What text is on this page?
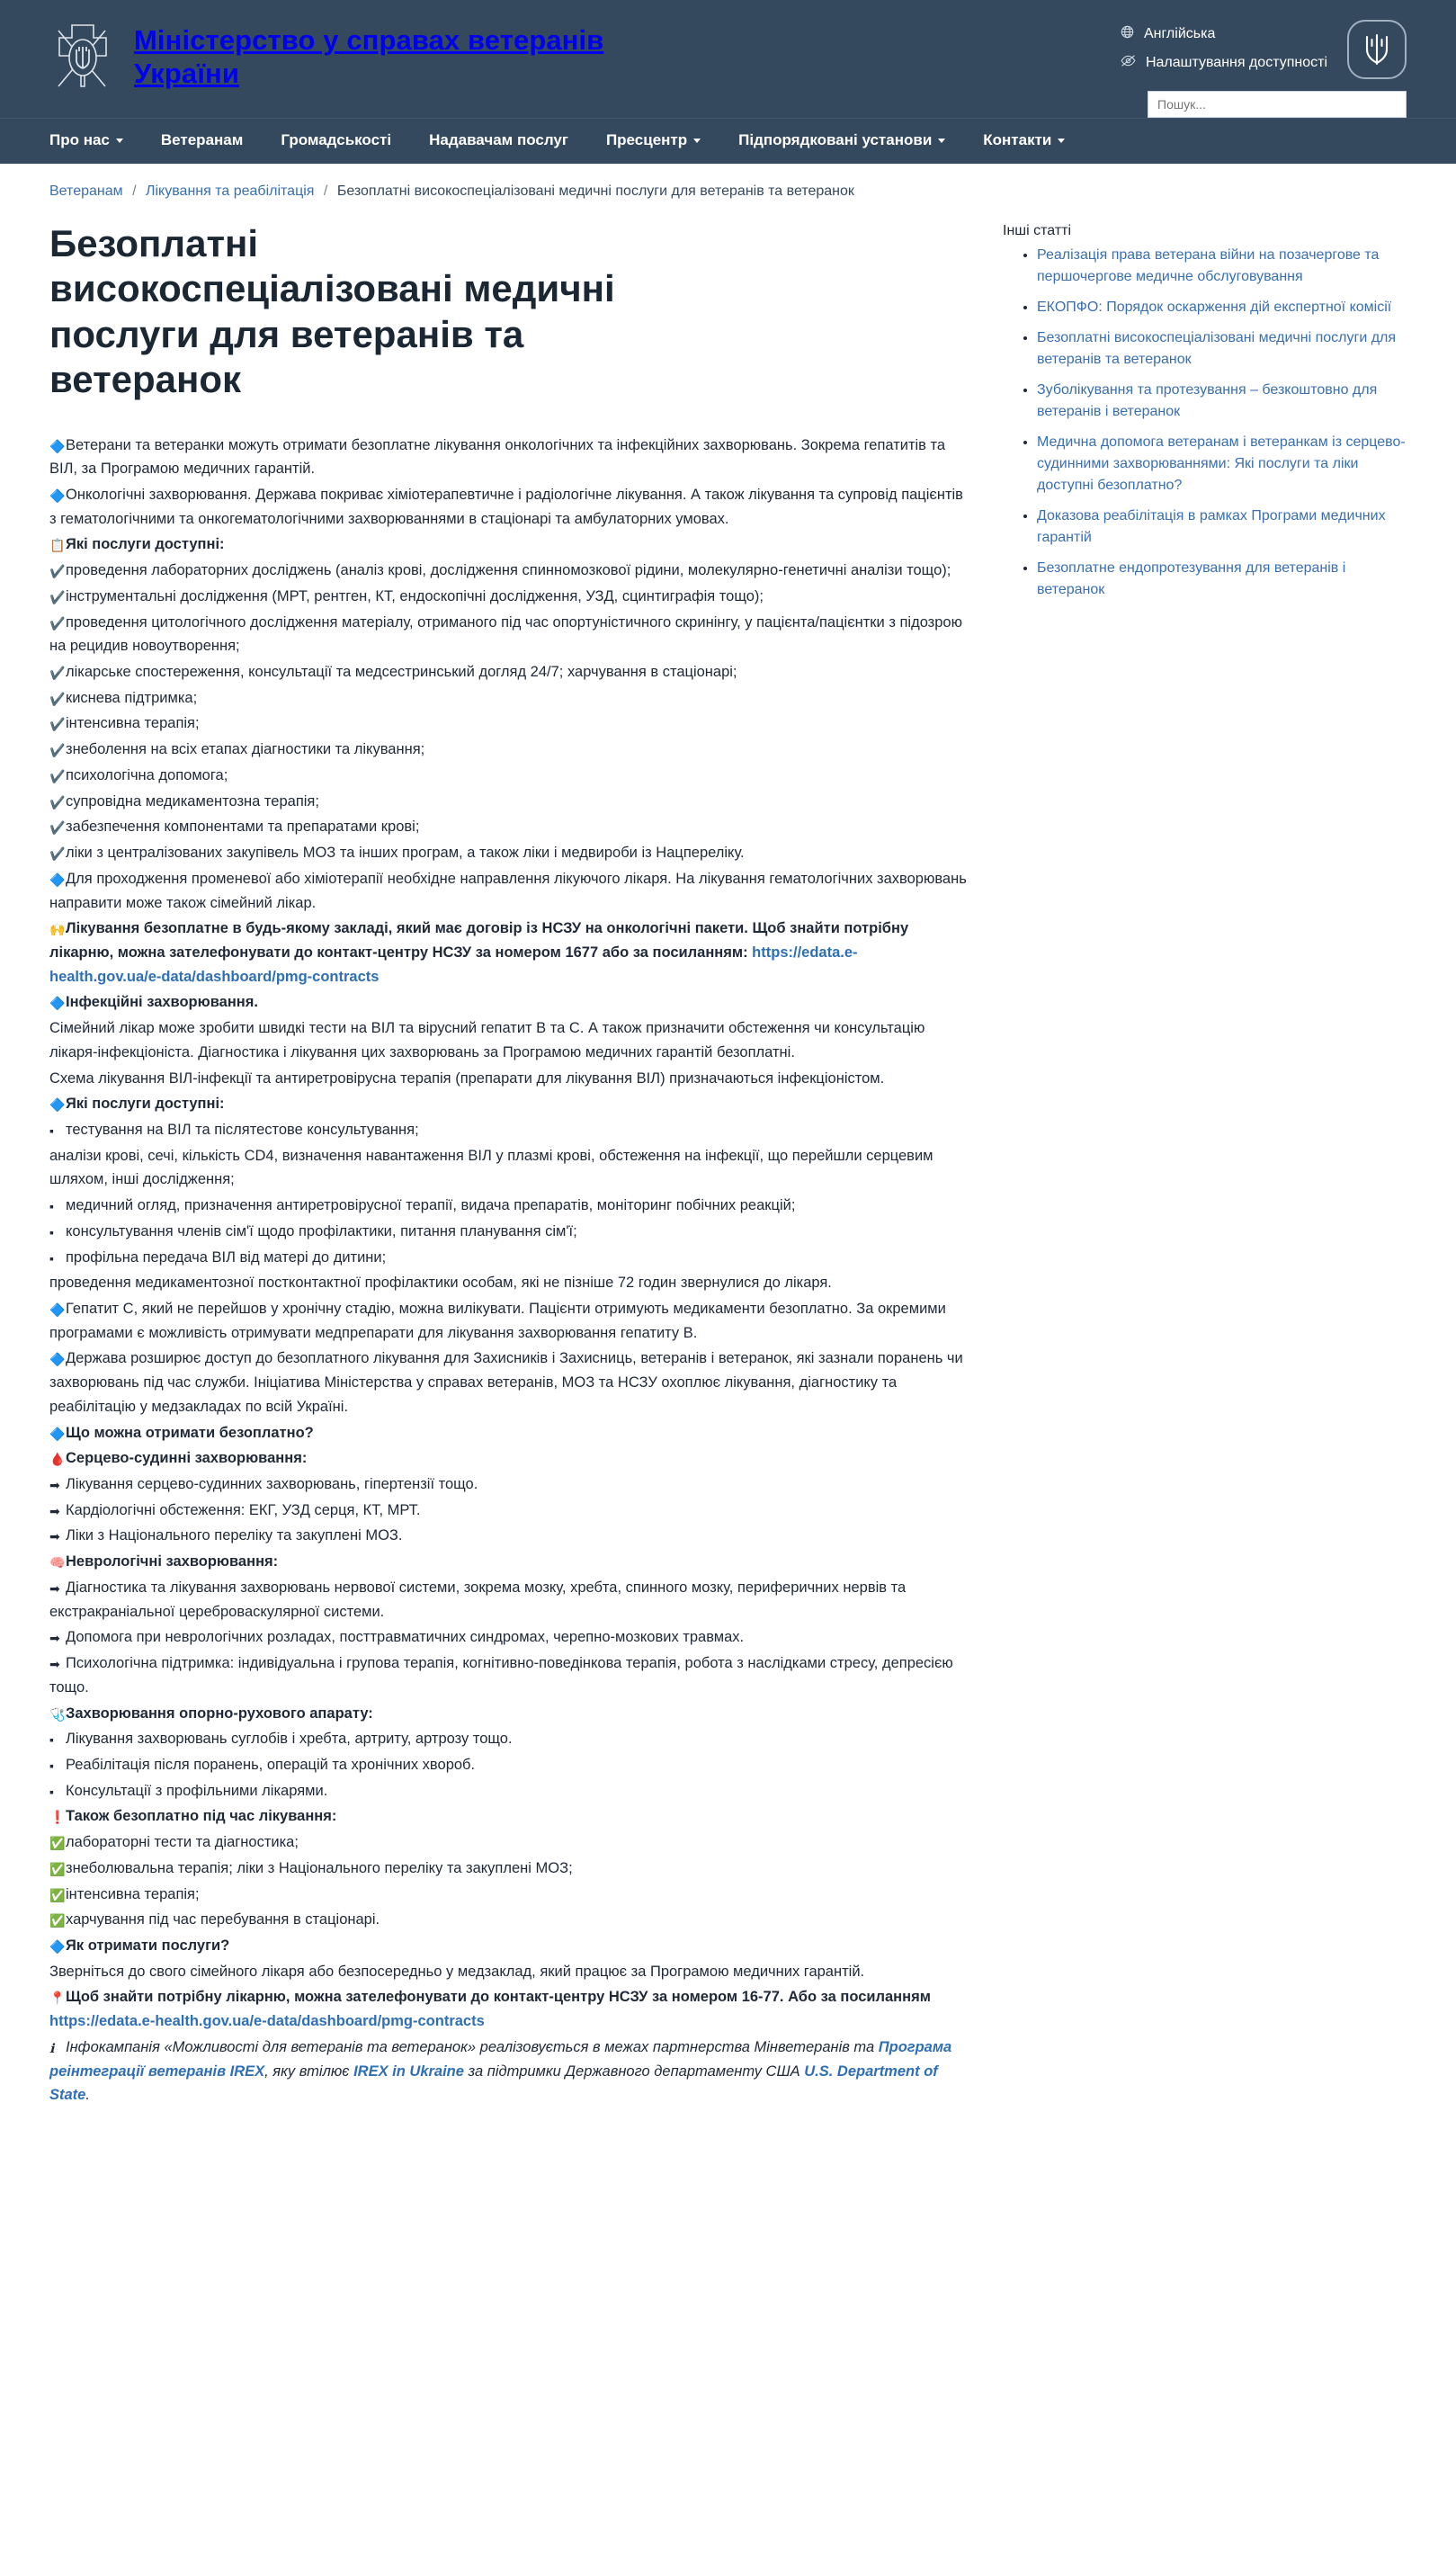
Міністерство у справах ветеранів України
Англійська
Налаштування доступності
Пошук...
Про нас	Ветеранам Громадськості Надавачам послуг Пресцентр	Підпорядковані установи	Контакти
Ветеранам / Лікування та реабілітація / Безоплатні високоспеціалізовані медичні послуги для ветеранів та ветеранок
Безоплатні високоспеціалізовані медичні послуги для ветеранів та ветеранок

🔷Ветерани та ветеранки можуть отримати безоплатне лікування онкологічних та інфекційних захворювань. Зокрема гепатитів та ВІЛ, за Програмою медичних гарантій.

🔷Онкологічні захворювання. Держава покриває хіміотерапевтичне і радіологічне лікування. А також лікування та супровід пацієнтів з гематологічними та онкогематологічними захворюваннями в стаціонарі та амбулаторних умовах.

📋Які послуги доступні:

✔️проведення лабораторних досліджень (аналіз крові, дослідження спинномозкової рідини, молекулярно-генетичні аналізи тощо);

✔️інструментальні дослідження (МРТ, рентген, КТ, ендоскопічні дослідження, УЗД, сцинтиграфія тощо);

✔️проведення цитологічного дослідження матеріалу, отриманого під час опортуністичного скринінгу, у пацієнта/пацієнтки з підозрою на рецидив новоутворення;

✔️лікарське спостереження, консультації та медсестринський догляд 24/7; харчування в стаціонарі;

✔️киснева підтримка;

✔️інтенсивна терапія;

✔️знеболення на всіх етапах діагностики та лікування;

✔️психологічна допомога;

✔️супровідна медикаментозна терапія;

✔️забезпечення компонентами та препаратами крові;

✔️ліки з централізованих закупівель МОЗ та інших програм, а також ліки і медвироби із Нацпереліку.

🔷Для проходження променевої або хіміотерапії необхідне направлення лікуючого лікаря. На лікування гематологічних захворювань направити може також сімейний лікар.

🙌Лікування безоплатне в будь-якому закладі, який має договір із НСЗУ на онкологічні пакети. Щоб знайти потрібну лікарню, можна зателефонувати до контакт-центру НСЗУ за номером 1677 або за посиланням: https://edata.e-health.gov.ua/e-data/dashboard/pmg-contracts

🔷Інфекційні захворювання.

Сімейний лікар може зробити швидкі тести на ВІЛ та вірусний гепатит В та С. А також призначити обстеження чи консультацію лікаря-інфекціоніста. Діагностика і лікування цих захворювань за Програмою медичних гарантій безоплатні.

Схема лікування ВІЛ-інфекції та антиретровірусна терапія (препарати для лікування ВІЛ) призначаються інфекціоністом.

🔷Які послуги доступні:

▪ тестування на ВІЛ та післятестове консультування;

аналізи крові, сечі, кількість CD4, визначення навантаження ВІЛ у плазмі крові, обстеження на інфекції, що перейшли серцевим шляхом, інші дослідження;

▪ медичний огляд, призначення антиретровірусної терапії, видача препаратів, моніторинг побічних реакцій;

▪ консультування членів сім'ї щодо профілактики, питання планування сім'ї;

▪ профільна передача ВІЛ від матері до дитини;

проведення медикаментозної постконтактної профілактики особам, які не пізніше 72 годин звернулися до лікаря.

🔷Гепатит С, який не перейшов у хронічну стадію, можна вилікувати. Пацієнти отримують медикаменти безоплатно. За окремими програмами є можливість отримувати медпрепарати для лікування захворювання гепатиту В.

🔷Держава розширює доступ до безоплатного лікування для Захисників і Захисниць, ветеранів і ветеранок, які зазнали поранень чи захворювань під час служби. Ініціатива Міністерства у справах ветеранів, МОЗ та НСЗУ охоплює лікування, діагностику та реабілітацію у медзакладах по всій Україні.

🔷Що можна отримати безоплатно?

🩸Серцево-судинні захворювання:

➡ Лікування серцево-судинних захворювань, гіпертензії тощо.

➡ Кардіологічні обстеження: ЕКГ, УЗД серця, КТ, МРТ.

➡ Ліки з Національного переліку та закуплені МОЗ.

🧠Неврологічні захворювання:

➡ Діагностика та лікування захворювань нервової системи, зокрема мозку, хребта, спинного мозку, периферичних нервів та екстракраніальної цереброваскулярної системи.

➡ Допомога при неврологічних розладах, посттравматичних синдромах, черепно-мозкових травмах.

➡ Психологічна підтримка: індивідуальна і групова терапія, когнітивно-поведінкова терапія, робота з наслідками стресу, депресією тощо.

🩺Захворювання опорно-рухового апарату:

▪ Лікування захворювань суглобів і хребта, артриту, артрозу тощо.

▪ Реабілітація після поранень, операцій та хронічних хвороб.

▪ Консультації з профільними лікарями.

❗Також безоплатно під час лікування:

✅лабораторні тести та діагностика;

✅знеболювальна терапія; ліки з Національного переліку та закуплені МОЗ;

✅інтенсивна терапія;

✅харчування під час перебування в стаціонарі.

🔷Як отримати послуги?

Зверніться до свого сімейного лікаря або безпосередньо у медзаклад, який працює за Програмою медичних гарантій.

📍Щоб знайти потрібну лікарню, можна зателефонувати до контакт-центру НСЗУ за номером 16-77. Або за посиланням https://edata.e-health.gov.ua/e-data/dashboard/pmg-contracts

ℹ Інфокампанія «Можливості для ветеранів та ветеранок» реалізовується в межах партнерства Мінветеранів та Програма реінтеграції ветеранів IREX, яку втілює IREX in Ukraine за підтримки Державного департаменту США U.S. Department of State.

Інші статті
• Реалізація права ветерана війни на позачергове та першочергове медичне обслуговування
• ЕКОПФО: Порядок оскарження дій експертної комісії
• Безоплатні високоспеціалізовані медичні послуги для ветеранів та ветеранок
• Зуболікування та протезування – безкоштовно для ветеранів і ветеранок
• Медична допомога ветеранам і ветеранкам із серцево-судинними захворюваннями: Які послуги та ліки доступні безоплатно?
• Доказова реабілітація в рамках Програми медичних гарантій
• Безоплатне ендопротезування для ветеранів і ветеранок
